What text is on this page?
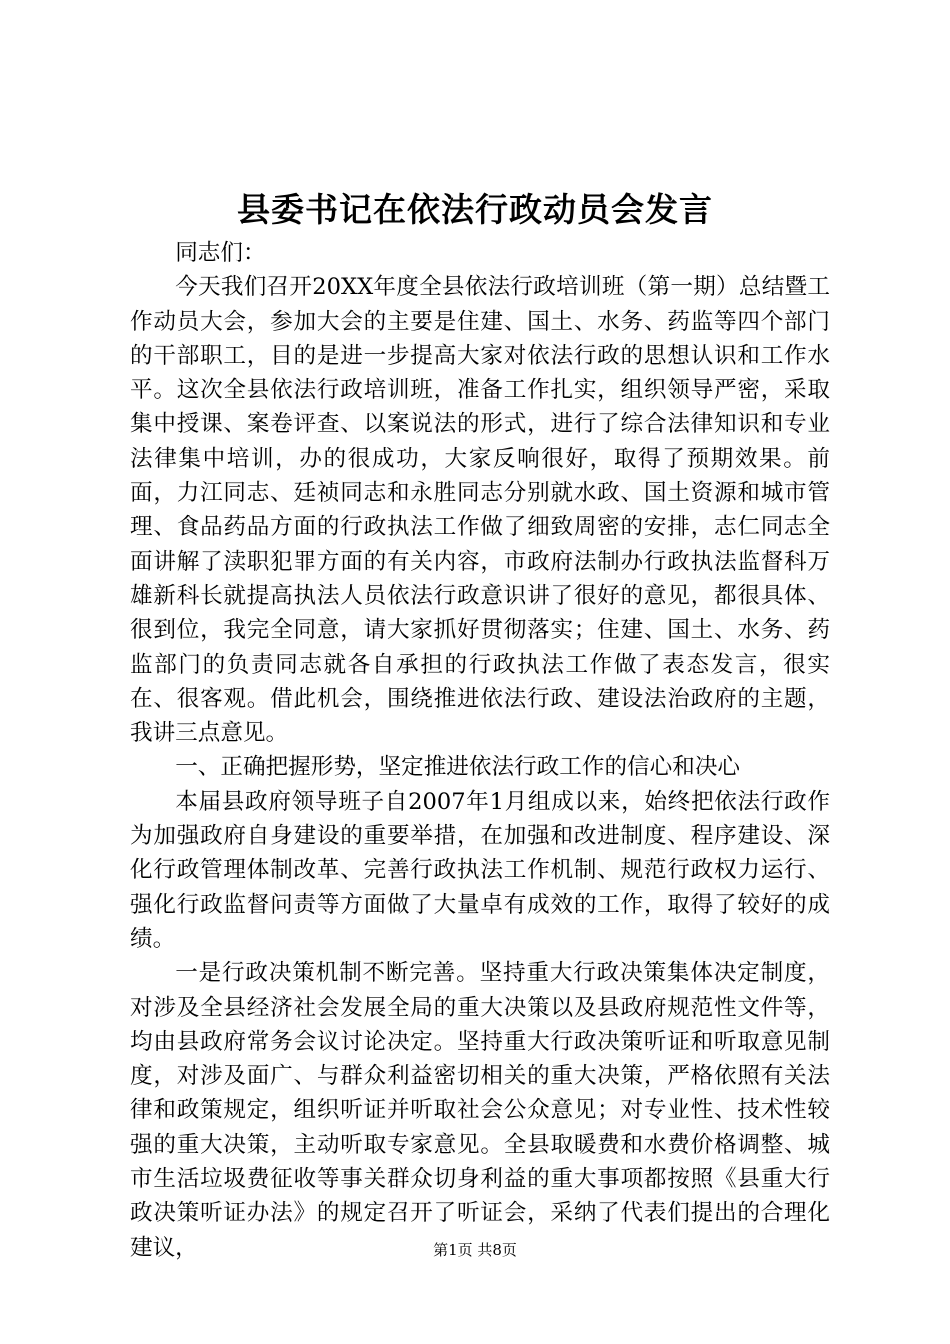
县委书记在依法行政动员会发言

同志们：

今天我们召开20XX年度全县依法行政培训班（第一期）总结暨工作动员大会，参加大会的主要是住建、国土、水务、药监等四个部门的干部职工，目的是进一步提高大家对依法行政的思想认识和工作水平。这次全县依法行政培训班，准备工作扎实，组织领导严密，采取集中授课、案卷评查、以案说法的形式，进行了综合法律知识和专业法律集中培训，办的很成功，大家反响很好，取得了预期效果。前面，力江同志、廷祯同志和永胜同志分别就水政、国土资源和城市管理、食品药品方面的行政执法工作做了细致周密的安排，志仁同志全面讲解了渎职犯罪方面的有关内容，市政府法制办行政执法监督科万雄新科长就提高执法人员依法行政意识讲了很好的意见，都很具体、很到位，我完全同意，请大家抓好贯彻落实；住建、国土、水务、药监部门的负责同志就各自承担的行政执法工作做了表态发言，很实在、很客观。借此机会，围绕推进依法行政、建设法治政府的主题，我讲三点意见。

一、正确把握形势，坚定推进依法行政工作的信心和决心

本届县政府领导班子自2007年1月组成以来，始终把依法行政作为加强政府自身建设的重要举措，在加强和改进制度、程序建设、深化行政管理体制改革、完善行政执法工作机制、规范行政权力运行、强化行政监督问责等方面做了大量卓有成效的工作，取得了较好的成绩。

一是行政决策机制不断完善。坚持重大行政决策集体决定制度，对涉及全县经济社会发展全局的重大决策以及县政府规范性文件等，均由县政府常务会议讨论决定。坚持重大行政决策听证和听取意见制度，对涉及面广、与群众利益密切相关的重大决策，严格依照有关法律和政策规定，组织听证并听取社会公众意见；对专业性、技术性较强的重大决策，主动听取专家意见。全县取暖费和水费价格调整、城市生活垃圾费征收等事关群众切身利益的重大事项都按照《县重大行政决策听证办法》的规定召开了听证会，采纳了代表们提出的合理化建议，	第1页 共8页
